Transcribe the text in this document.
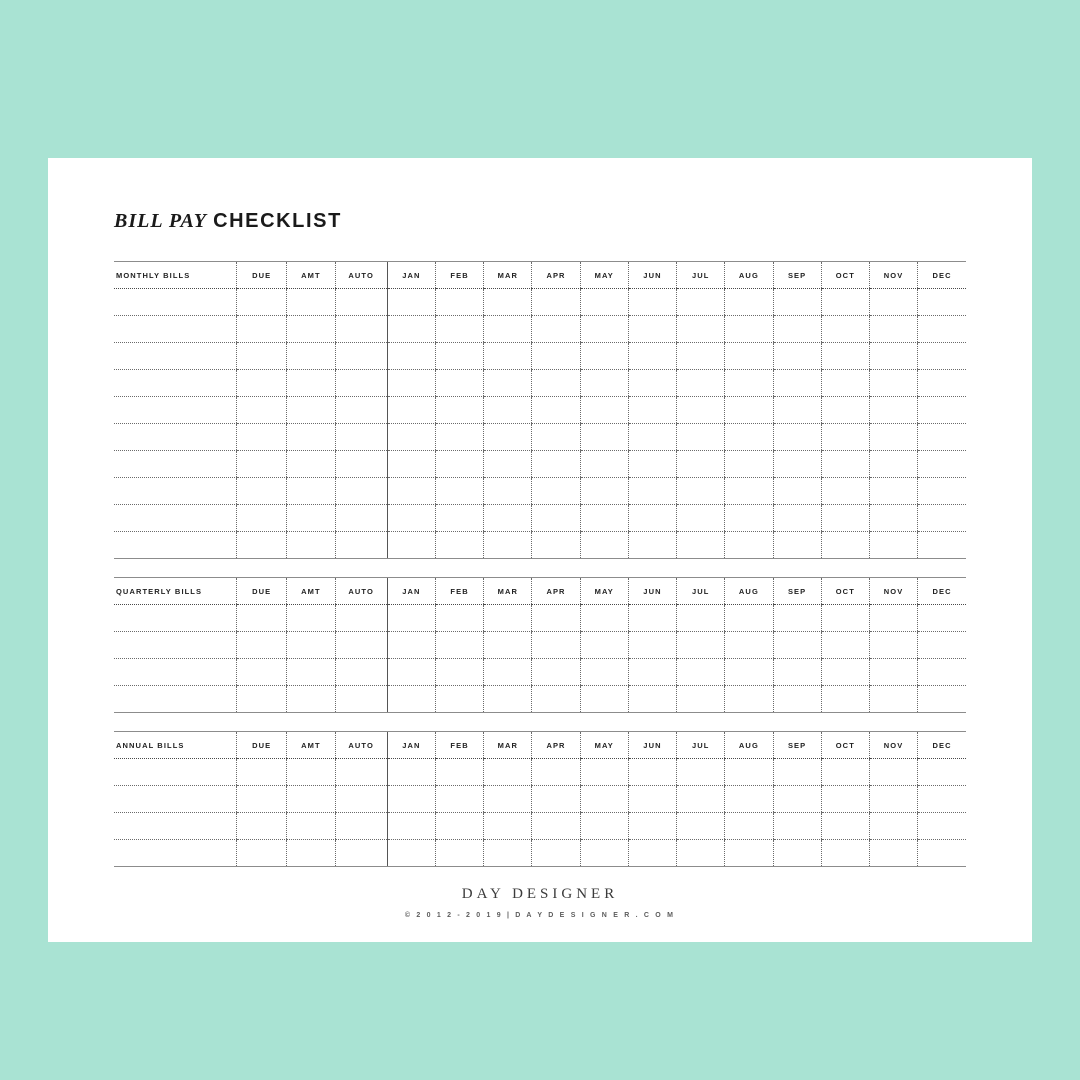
BILL PAY CHECKLIST
MONTHLY BILLS	DUE	AMT	AUTO	JAN	FEB	MAR	APR	MAY	JUN	JUL	AUG	SEP	OCT	NOV	DEC

QUARTERLY BILLS	DUE	AMT	AUTO	JAN	FEB	MAR	APR	MAY	JUN	JUL	AUG	SEP	OCT	NOV	DEC

ANNUAL BILLS	DUE	AMT	AUTO	JAN	FEB	MAR	APR	MAY	JUN	JUL	AUG	SEP	OCT	NOV	DEC

DAY DESIGNER
© 2 0 1 2 - 2 0 1 9 | D A Y D E S I G N E R . C O M
